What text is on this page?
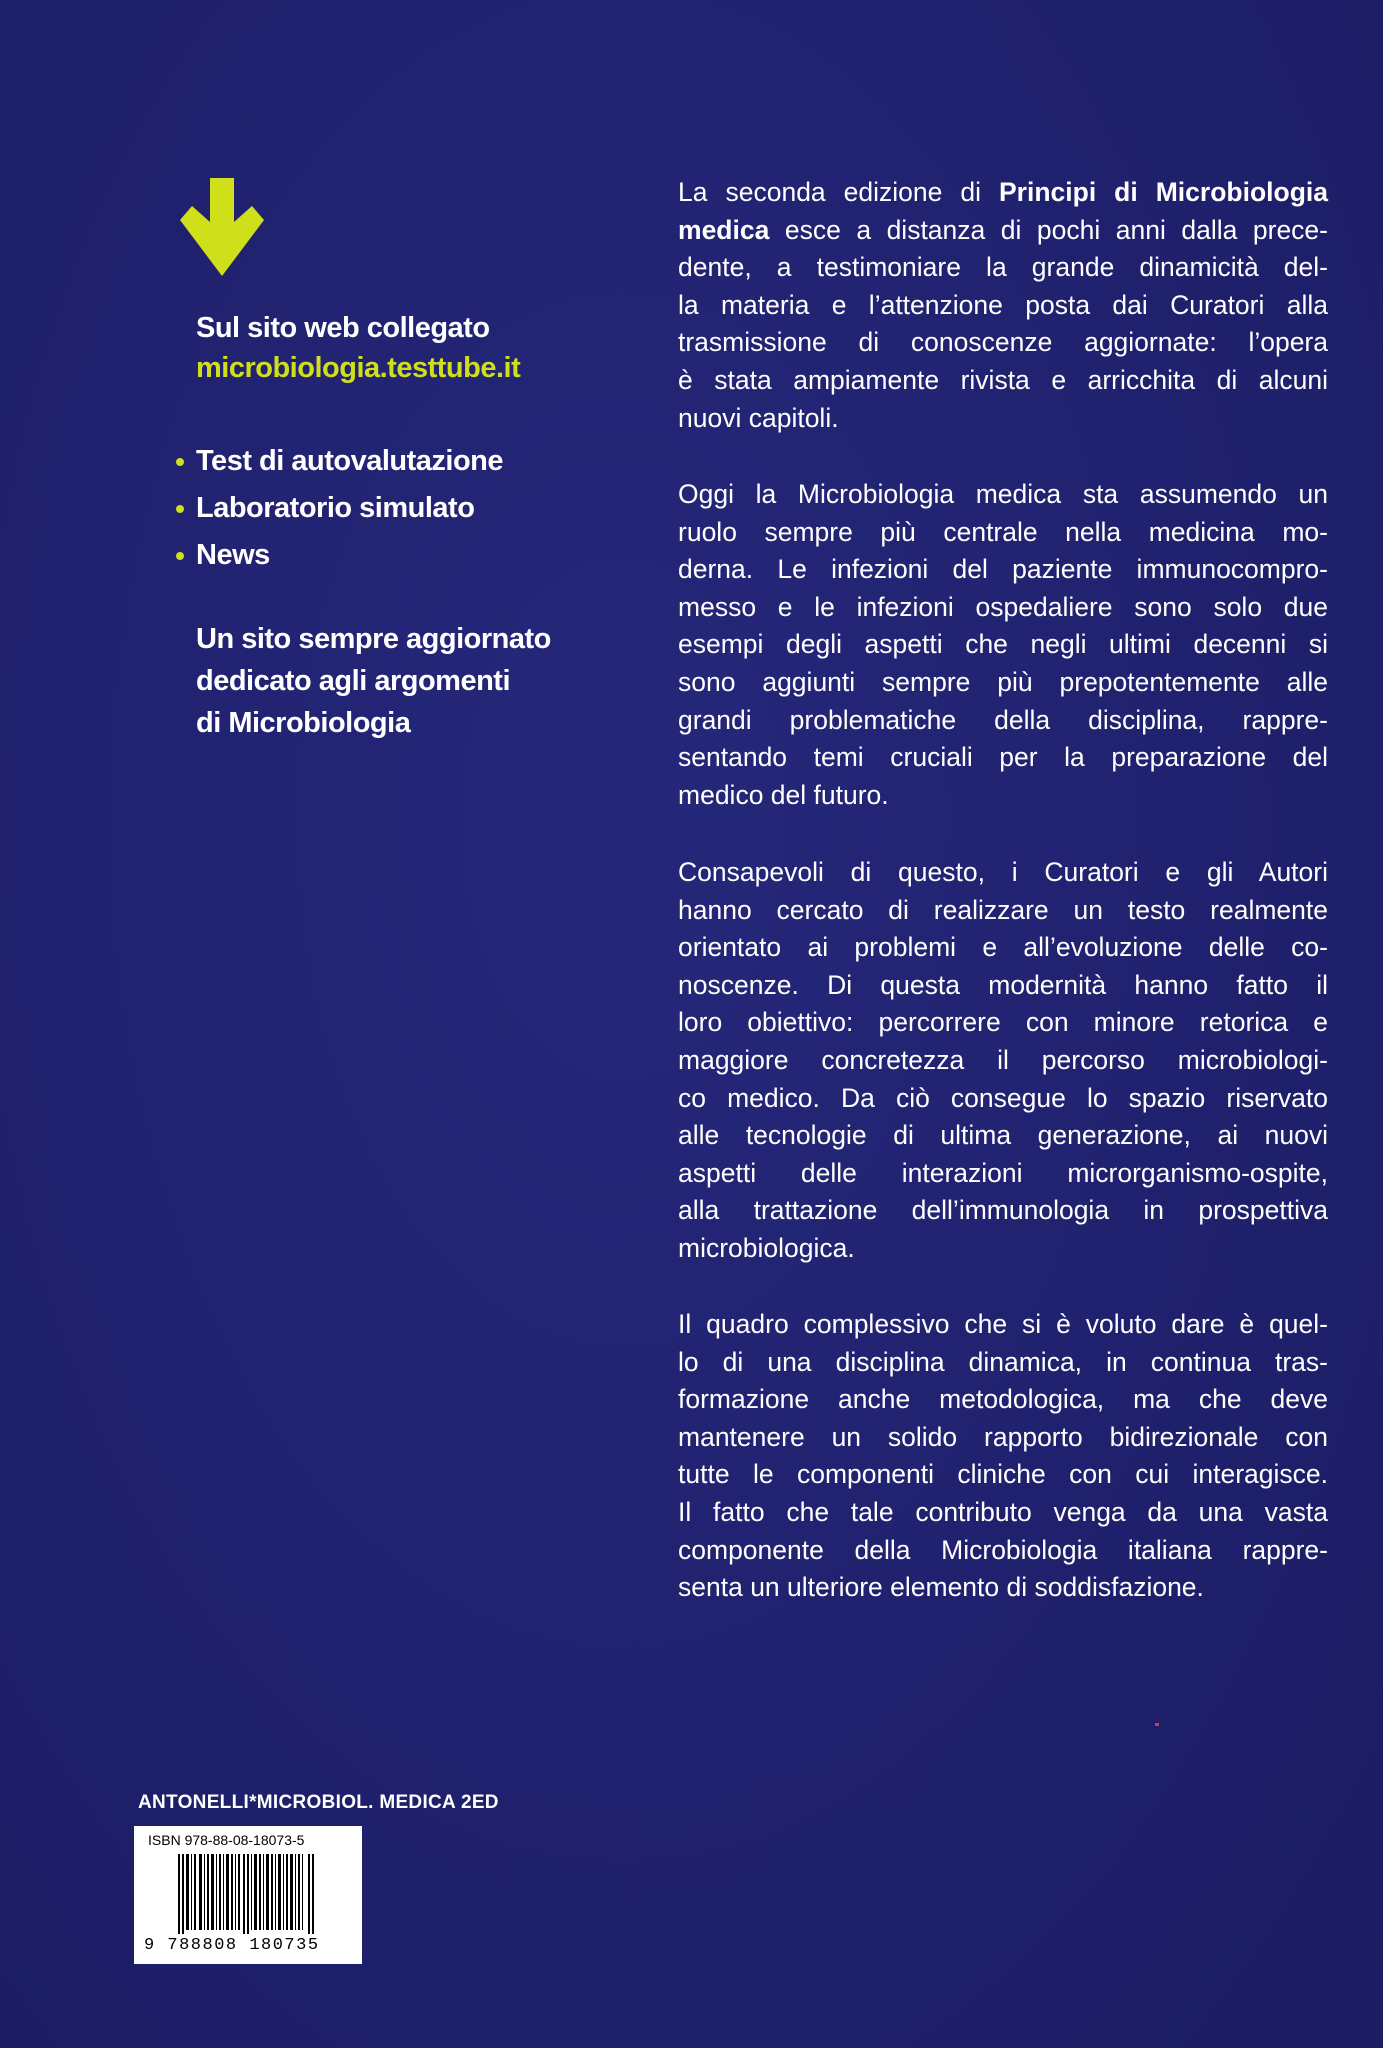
Sul sito web collegato
microbiologia.testtube.it
Test di autovalutazione
Laboratorio simulato
News
Un sito sempre aggiornato
dedicato agli argomenti
di Microbiologia

La seconda edizione di Principi di Microbiologia
medica esce a distanza di pochi anni dalla prece-
dente, a testimoniare la grande dinamicità del-
la materia e l’attenzione posta dai Curatori alla
trasmissione di conoscenze aggiornate: l’opera
è stata ampiamente rivista e arricchita di alcuni
nuovi capitoli.

Oggi la Microbiologia medica sta assumendo un
ruolo sempre più centrale nella medicina mo-
derna. Le infezioni del paziente immunocompro-
messo e le infezioni ospedaliere sono solo due
esempi degli aspetti che negli ultimi decenni si
sono aggiunti sempre più prepotentemente alle
grandi problematiche della disciplina, rappre-
sentando temi cruciali per la preparazione del
medico del futuro.

Consapevoli di questo, i Curatori e gli Autori
hanno cercato di realizzare un testo realmente
orientato ai problemi e all’evoluzione delle co-
noscenze. Di questa modernità hanno fatto il
loro obiettivo: percorrere con minore retorica e
maggiore concretezza il percorso microbiologi-
co medico. Da ciò consegue lo spazio riservato
alle tecnologie di ultima generazione, ai nuovi
aspetti delle interazioni microrganismo-ospite,
alla trattazione dell’immunologia in prospettiva
microbiologica.

Il quadro complessivo che si è voluto dare è quel-
lo di una disciplina dinamica, in continua tras-
formazione anche metodologica, ma che deve
mantenere un solido rapporto bidirezionale con
tutte le componenti cliniche con cui interagisce.
Il fatto che tale contributo venga da una vasta
componente della Microbiologia italiana rappre-
senta un ulteriore elemento di soddisfazione.

ANTONELLI*MICROBIOL. MEDICA 2ED
ISBN 978-88-08-18073-5
9 788808 180735
